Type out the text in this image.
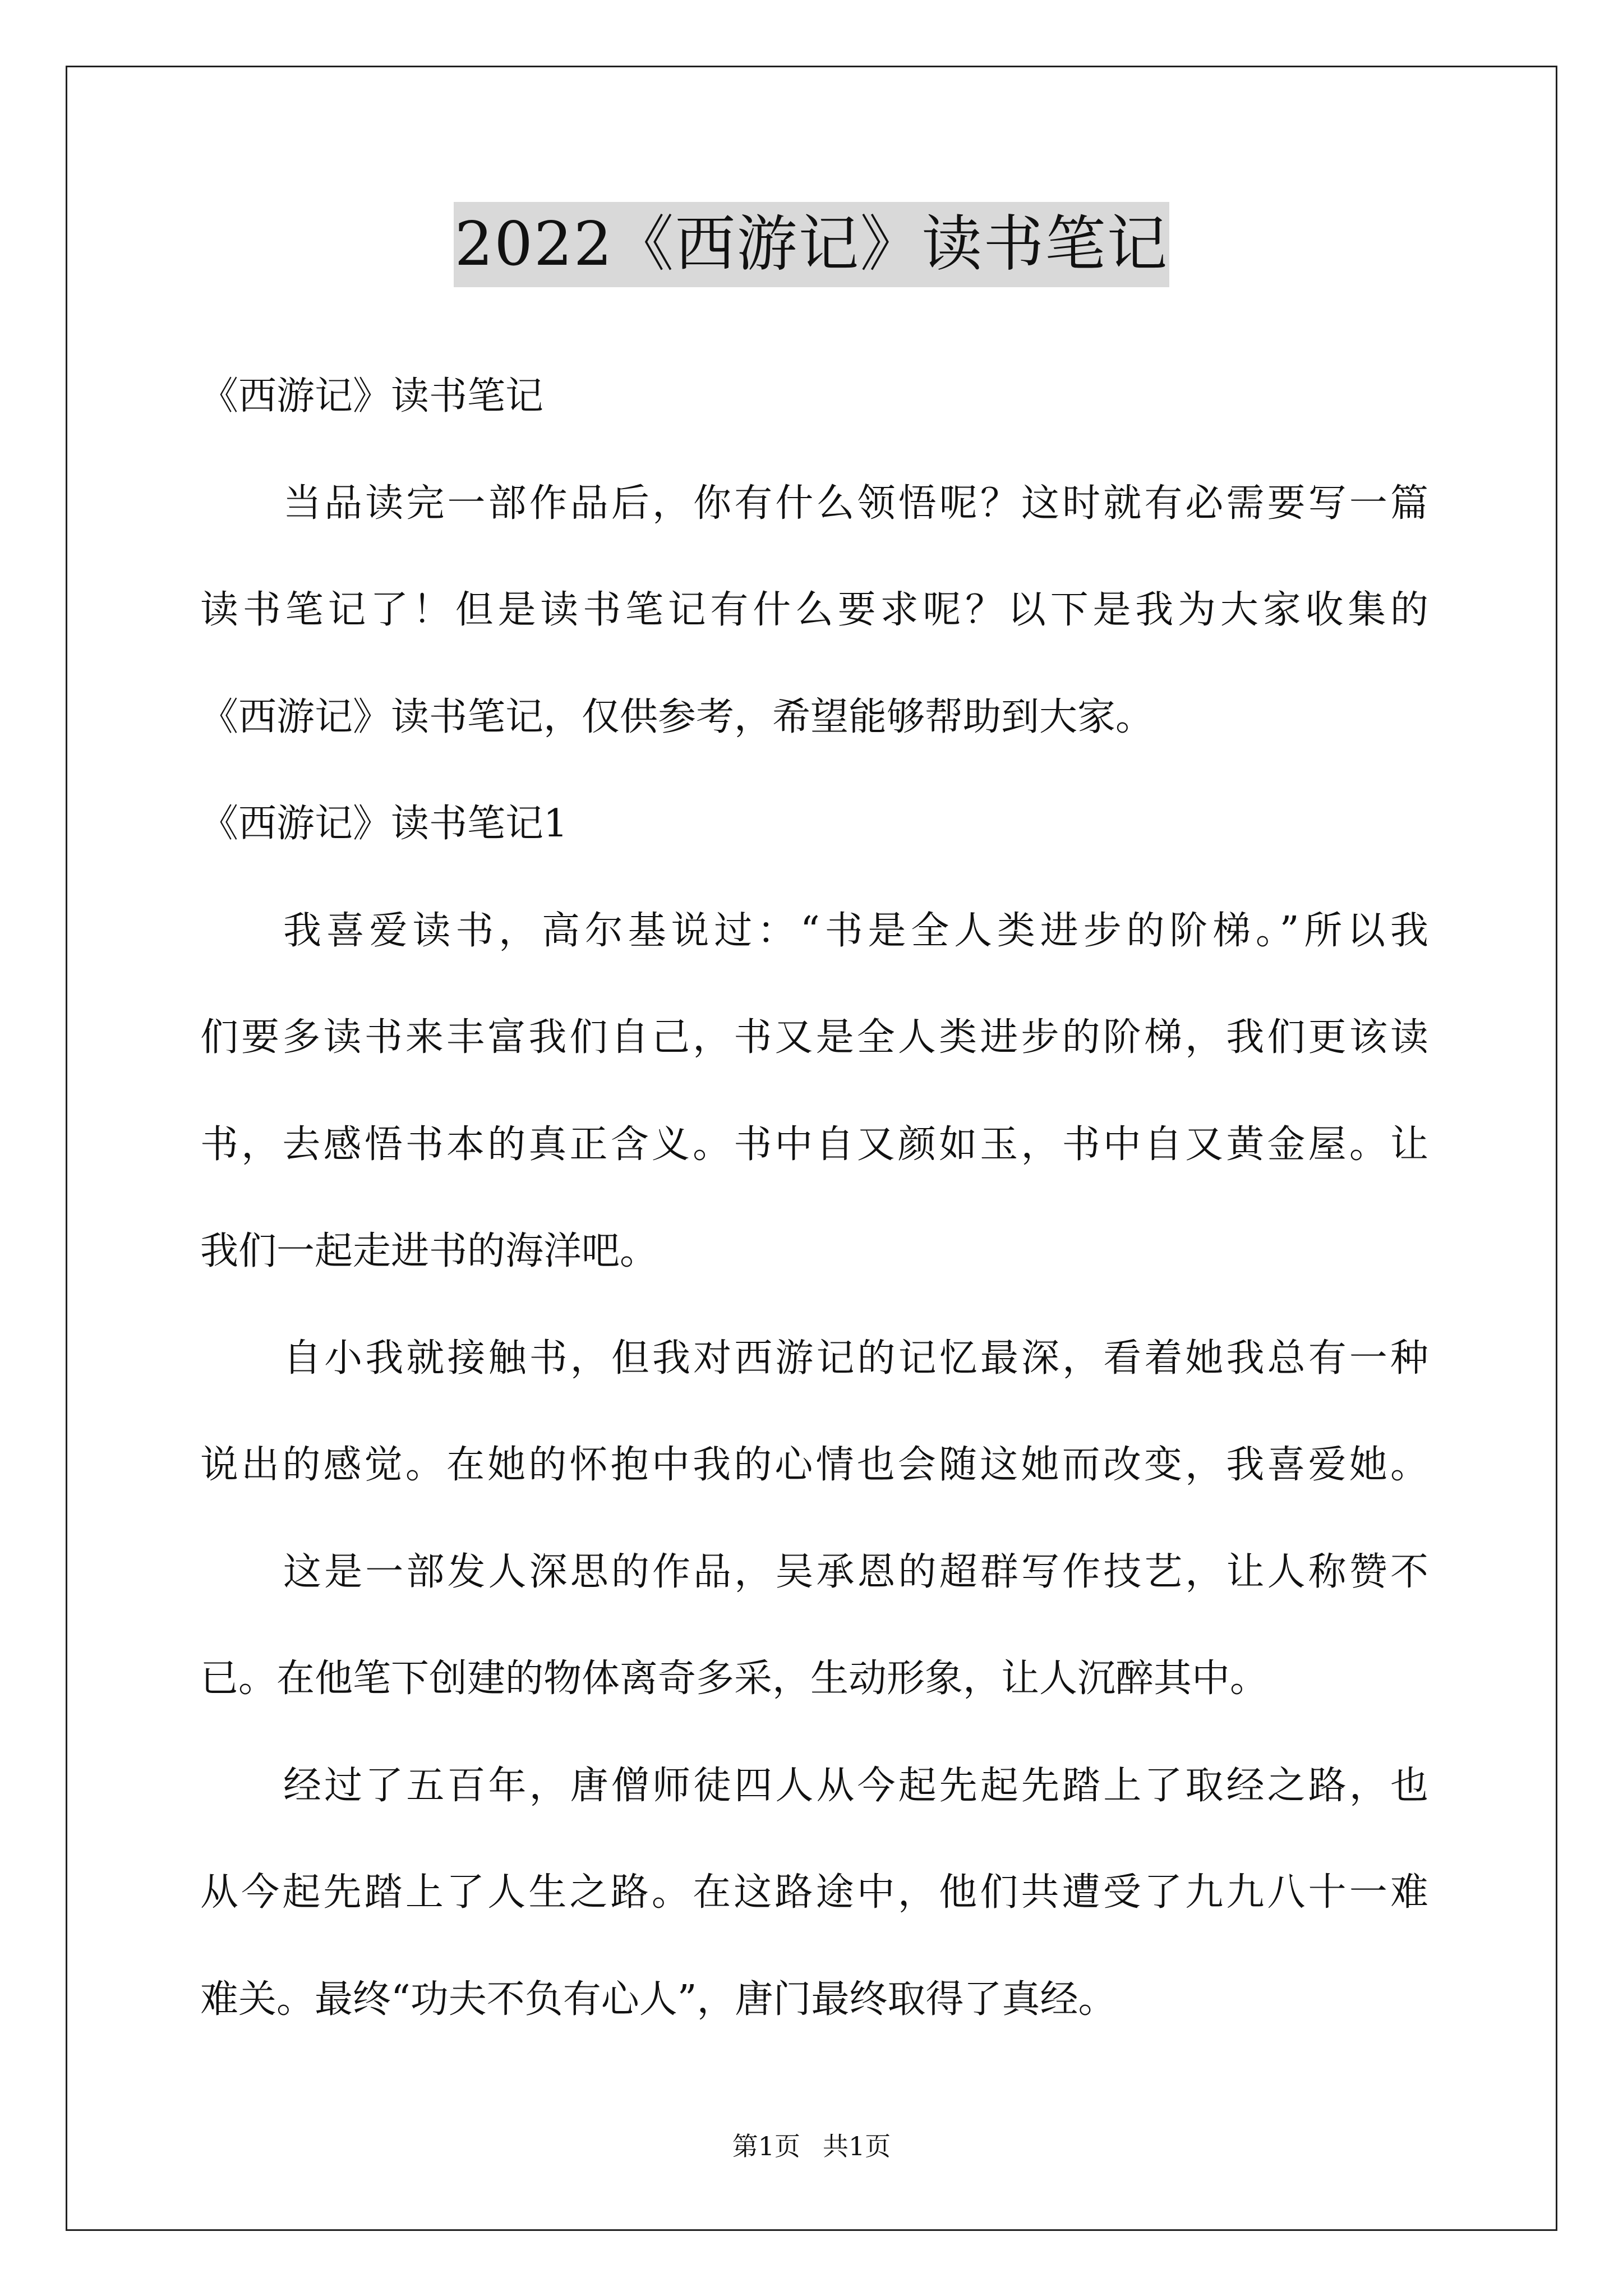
2022《西游记》读书笔记
《西游记》读书笔记
当品读完一部作品后，你有什么领悟呢？这时就有必需要写一篇
读书笔记了！但是读书笔记有什么要求呢？以下是我为大家收集的
《西游记》读书笔记，仅供参考，希望能够帮助到大家。
《西游记》读书笔记1
我喜爱读书，高尔基说过：“书是全人类进步的阶梯。”所以我
们要多读书来丰富我们自己，书又是全人类进步的阶梯，我们更该读
书，去感悟书本的真正含义。书中自又颜如玉，书中自又黄金屋。让
我们一起走进书的海洋吧。
自小我就接触书，但我对西游记的记忆最深，看着她我总有一种
说出的感觉。在她的怀抱中我的心情也会随这她而改变，我喜爱她。
这是一部发人深思的作品，吴承恩的超群写作技艺，让人称赞不
已。在他笔下创建的物体离奇多采，生动形象，让人沉醉其中。
经过了五百年，唐僧师徒四人从今起先起先踏上了取经之路，也
从今起先踏上了人生之路。在这路途中，他们共遭受了九九八十一难
难关。最终“功夫不负有心人”，唐门最终取得了真经。
第1页 共1页
